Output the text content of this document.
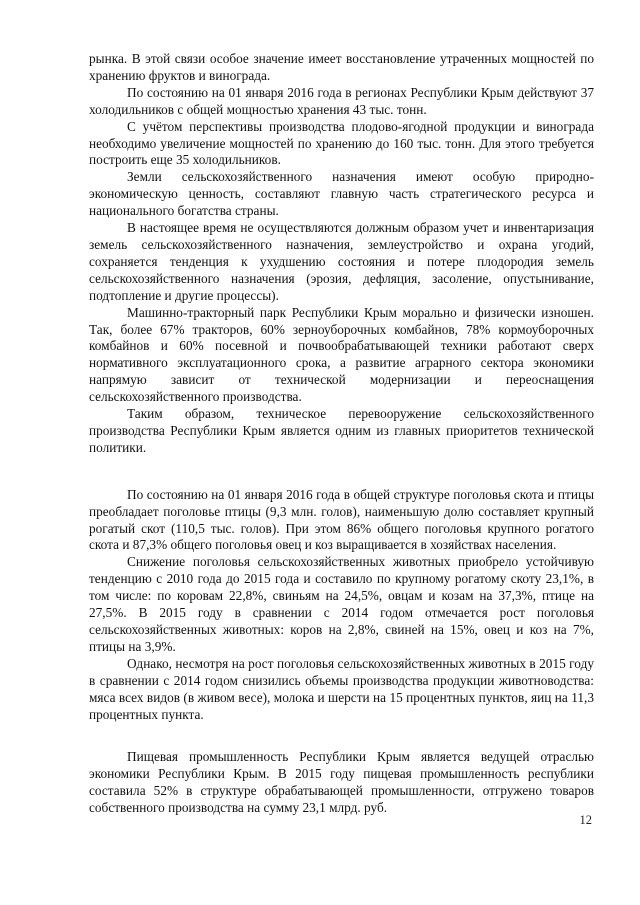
рынка. В этой связи особое значение имеет восстановление утраченных мощностей по хранению фруктов и винограда.

По состоянию на 01 января 2016 года в регионах Республики Крым действуют 37 холодильников с общей мощностью хранения 43 тыс. тонн.

С учётом перспективы производства плодово-ягодной продукции и винограда необходимо увеличение мощностей по хранению до 160 тыс. тонн. Для этого требуется построить еще 35 холодильников.

Земли сельскохозяйственного назначения имеют особую природно-экономическую ценность, составляют главную часть стратегического ресурса и национального богатства страны.

В настоящее время не осуществляются должным образом учет и инвентаризация земель сельскохозяйственного назначения, землеустройство и охрана угодий, сохраняется тенденция к ухудшению состояния и потере плодородия земель сельскохозяйственного назначения (эрозия, дефляция, засоление, опустынивание, подтопление и другие процессы).

Машинно-тракторный парк Республики Крым морально и физически изношен. Так, более 67% тракторов, 60% зерноуборочных комбайнов, 78% кормоуборочных комбайнов и 60% посевной и почвообрабатывающей техники работают сверх нормативного эксплуатационного срока, а развитие аграрного сектора экономики напрямую зависит от технической модернизации и переоснащения сельскохозяйственного производства.

Таким образом, техническое перевооружение сельскохозяйственного производства Республики Крым является одним из главных приоритетов технической политики.

По состоянию на 01 января 2016 года в общей структуре поголовья скота и птицы преобладает поголовье птицы (9,3 млн. голов), наименьшую долю составляет крупный рогатый скот (110,5 тыс. голов). При этом 86% общего поголовья крупного рогатого скота и 87,3% общего поголовья овец и коз выращивается в хозяйствах населения.

Снижение поголовья сельскохозяйственных животных приобрело устойчивую тенденцию с 2010 года до 2015 года и составило по крупному рогатому скоту 23,1%, в том числе: по коровам 22,8%, свиньям на 24,5%, овцам и козам на 37,3%, птице на 27,5%. В 2015 году в сравнении с 2014 годом отмечается рост поголовья сельскохозяйственных животных: коров на 2,8%, свиней на 15%, овец и коз на 7%, птицы на 3,9%.

Однако, несмотря на рост поголовья сельскохозяйственных животных в 2015 году в сравнении с 2014 годом снизились объемы производства продукции животноводства: мяса всех видов (в живом весе), молока и шерсти на 15 процентных пунктов, яиц на 11,3 процентных пункта.

Пищевая промышленность Республики Крым является ведущей отраслью экономики Республики Крым. В 2015 году пищевая промышленность республики составила 52% в структуре обрабатывающей промышленности, отгружено товаров собственного производства на сумму 23,1 млрд. руб.

12
